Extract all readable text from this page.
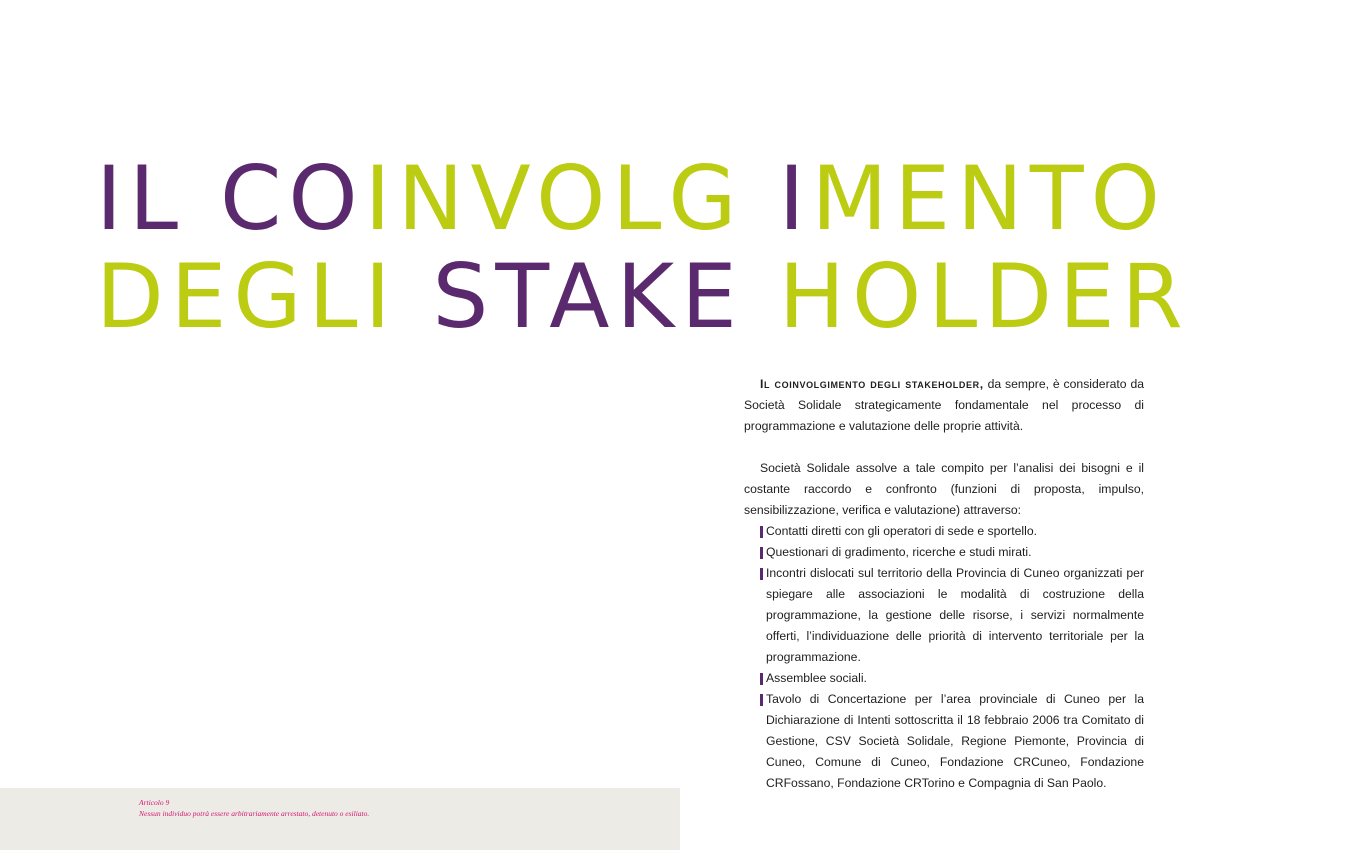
IL COINVOLG IMENTO
DEGLI STAKE HOLDER

Il coinvolgimento degli stakeholder, da sempre, è considerato da Società Solidale strategicamente fondamentale nel processo di programmazione e valutazione delle proprie attività.

Società Solidale assolve a tale compito per l’analisi dei bisogni e il costante raccordo e confronto (funzioni di proposta, impulso, sensibilizzazione, verifica e valutazione) attraverso:

Contatti diretti con gli operatori di sede e sportello.
Questionari di gradimento, ricerche e studi mirati.
Incontri dislocati sul territorio della Provincia di Cuneo organizzati per spiegare alle associazioni le modalità di costruzione della programmazione, la gestione delle risorse, i servizi normalmente offerti, l’individuazione delle priorità di intervento territoriale per la programmazione.
Assemblee sociali.
Tavolo di Concertazione per l’area provinciale di Cuneo per la Dichiarazione di Intenti sottoscritta il 18 febbraio 2006 tra Comitato di Gestione, CSV Società Solidale, Regione Piemonte, Provincia di Cuneo, Comune di Cuneo, Fondazione CRCuneo, Fondazione CRFossano, Fondazione CRTorino e Compagnia di San Paolo.
Articolo 9
Nessun individuo potrà essere arbitrariamente arrestato, detenuto o esiliato.
